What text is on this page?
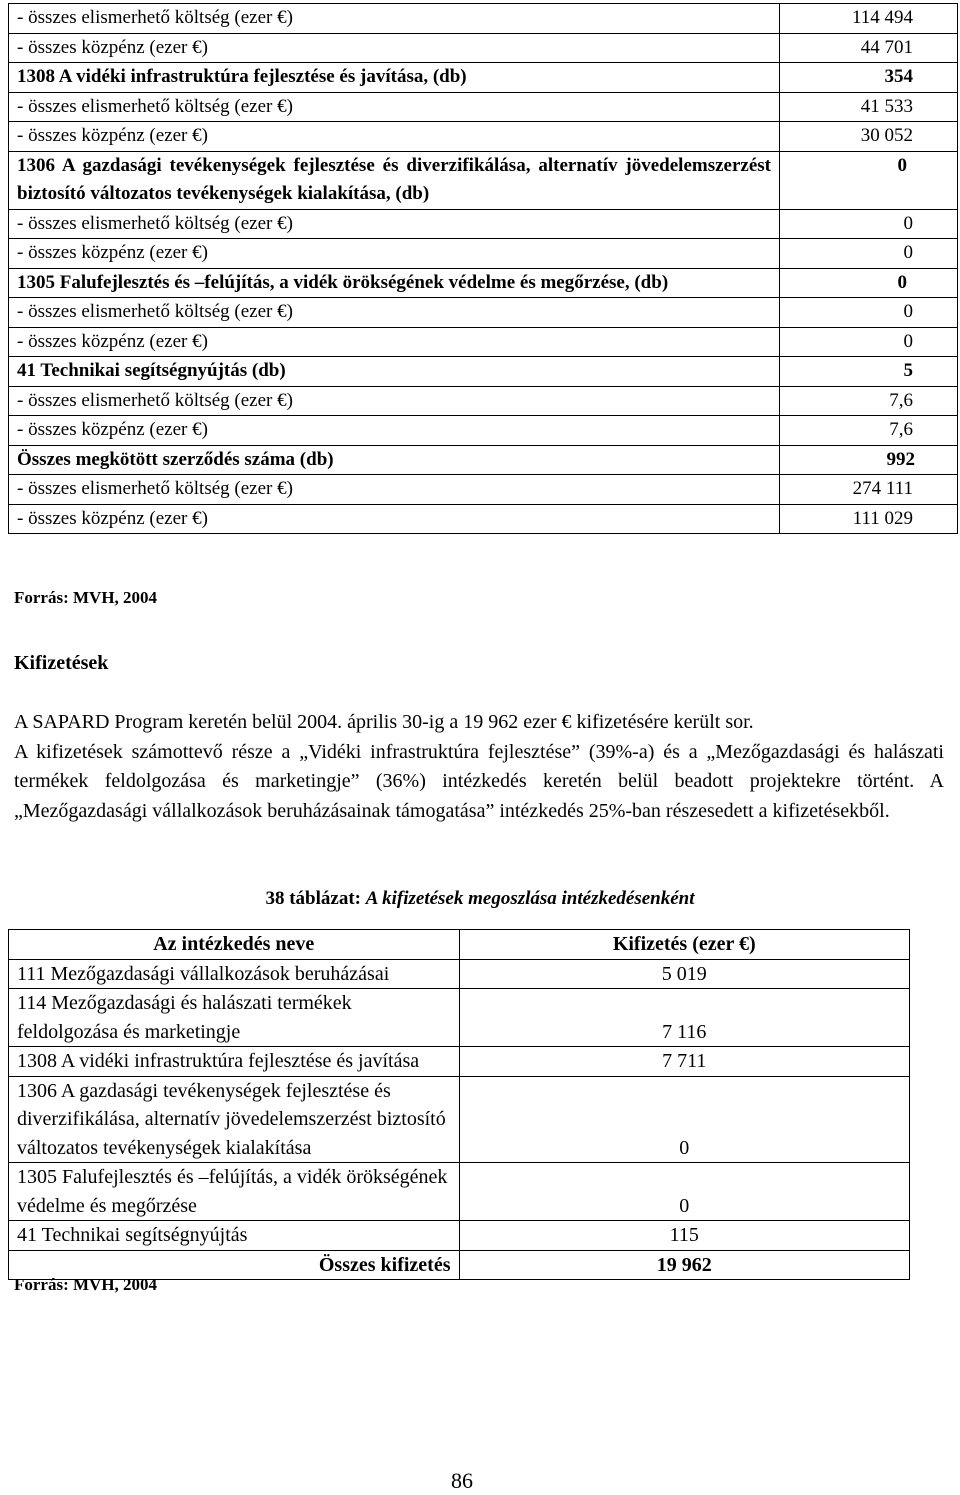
- összes elismerhető költség (ezer €)	114 494
- összes közpénz (ezer €)	44 701
1308 A vidéki infrastruktúra fejlesztése és javítása, (db)	354
- összes elismerhető költség (ezer €)	41 533
- összes közpénz (ezer €)	30 052
1306 A gazdasági tevékenységek fejlesztése és diverzifikálása, alternatív jövedelemszerzést biztosító változatos tevékenységek kialakítása, (db)	0
- összes elismerhető költség (ezer €)	0
- összes közpénz (ezer €)	0
1305 Falufejlesztés és –felújítás, a vidék örökségének védelme és megőrzése, (db)	0
- összes elismerhető költség (ezer €)	0
- összes közpénz (ezer €)	0
41 Technikai segítségnyújtás (db)	5
- összes elismerhető költség (ezer €)	7,6
- összes közpénz (ezer €)	7,6
Összes megkötött szerződés száma (db)	992
- összes elismerhető költség (ezer €)	274 111
- összes közpénz (ezer €)	111 029
Forrás: MVH, 2004
Kifizetések

A SAPARD Program keretén belül 2004. április 30-ig a 19 962 ezer € kifizetésére került sor.

A kifizetések számottevő része a „Vidéki infrastruktúra fejlesztése” (39%-a) és a „Mezőgazdasági és halászati termékek feldolgozása és marketingje” (36%) intézkedés keretén belül beadott projektekre történt. A „Mezőgazdasági vállalkozások beruházásainak támogatása” intézkedés 25%-ban részesedett a kifizetésekből.

38 táblázat: A kifizetések megoszlása intézkedésenként
Az intézkedés neve	Kifizetés (ezer €)
111 Mezőgazdasági vállalkozások beruházásai	5 019
114 Mezőgazdasági és halászati termékek feldolgozása és marketingje	7 116
1308 A vidéki infrastruktúra fejlesztése és javítása	7 711
1306 A gazdasági tevékenységek fejlesztése és diverzifikálása, alternatív jövedelemszerzést biztosító változatos tevékenységek kialakítása	0
1305 Falufejlesztés és –felújítás, a vidék örökségének védelme és megőrzése	0
41 Technikai segítségnyújtás	115
Összes kifizetés	19 962
Forrás: MVH, 2004
86
